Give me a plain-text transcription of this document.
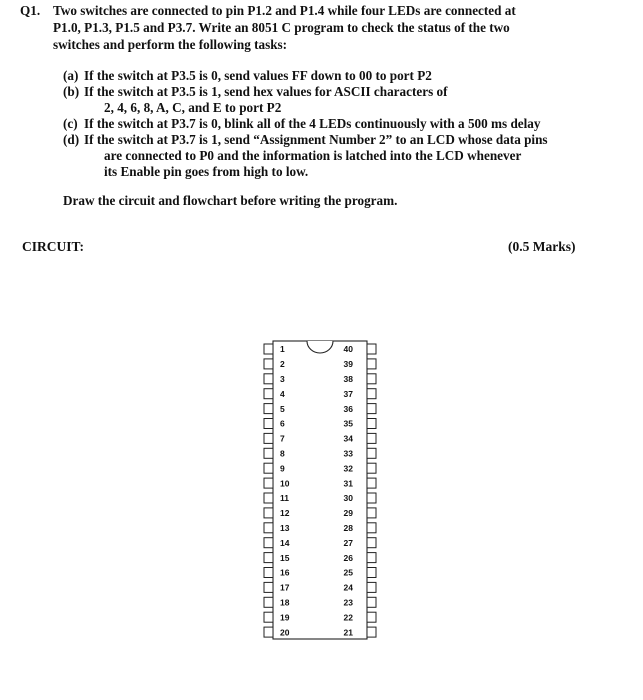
Q1. Two switches are connected to pin P1.2 and P1.4 while four LEDs are connected at
P1.0, P1.3, P1.5 and P3.7. Write an 8051 C program to check the status of the two
switches and perform the following tasks:
(a) If the switch at P3.5 is 0, send values FF down to 00 to port P2
(b) If the switch at P3.5 is 1, send hex values for ASCII characters of
2, 4, 6, 8, A, C, and E to port P2
(c) If the switch at P3.7 is 0, blink all of the 4 LEDs continuously with a 500 ms delay
(d) If the switch at P3.7 is 1, send “Assignment Number 2” to an LCD whose data pins
are connected to P0 and the information is latched into the LCD whenever
its Enable pin goes from high to low.
Draw the circuit and flowchart before writing the program.
CIRCUIT:	(0.5 Marks)
1
2
3
4
5
6
7
8
9
10
11
12
13
14
15
16
17
18
19
20
40
39
38
37
36
35
34
33
32
31
30
29
28
27
26
25
24
23
22
21
